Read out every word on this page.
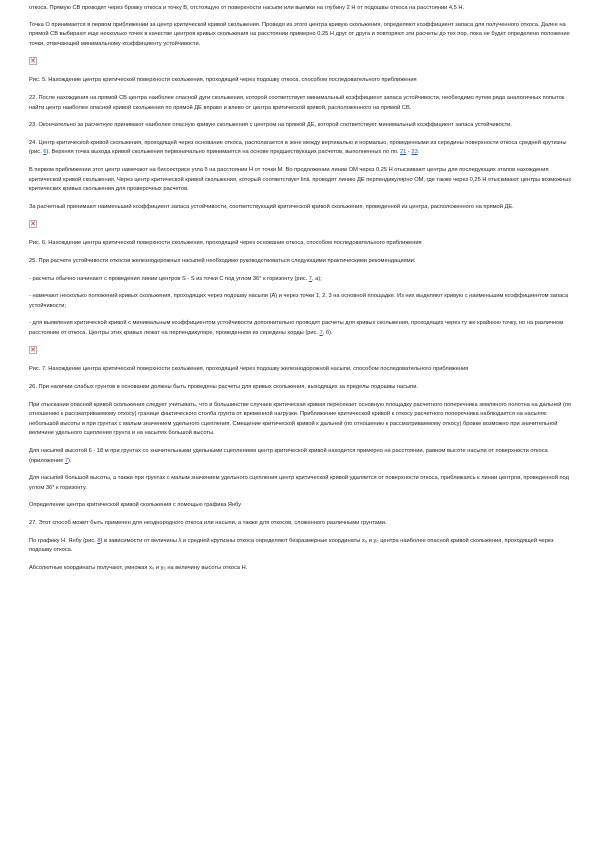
откоса. Прямую СВ проводят через бровку откоса и точку В, отстоящую от поверхности насыпи или выемки на глубину 2 Н от подошвы откоса на расстоянии 4,5 Н.

Точка О принимается в первом приближении за центр критической кривой скольжения. Проведя из этого центра кривую скольжения, определяют коэффициент запаса для полученного откоса. Далее на прямой СВ выбирают еще несколько точек в качестве центров кривых скольжения на расстоянии примерно 0,25 Н друг от друга и повторяют эти расчеты до тех пор, пока не будет определено положение точки, отвечающей минимальному коэффициенту устойчивости.

✕

Рис. 5. Нахождение центра критической поверхности скольжения, проходящей через подошву откоса, способом последовательного приближения

22. После нахождения на прямой СВ центра наиболее опасной дуги скольжения, которой соответствует минимальный коэффициент запаса устойчивости, необходимо путем ряда аналогичных попыток найти центр наиболее опасной кривой скольжения по прямой ДЕ вправо и влево от центра критической кривой, расположенного на прямой СВ.

23. Окончательно за расчетную принимают наиболее опасную кривую скольжения с центром на прямой ДЕ, которой соответствует минимальный коэффициент запаса устойчивости.

24. Центр критической кривой скольжения, проходящей через основание откоса, располагается в зоне между вертикалью и нормалью, проведенными из середины поверхности откоса средней крутизны (рис. 6). Верхняя точка выхода кривой скольжения первоначально принимается на основе предшествующих расчетов, выполненных по пп. 21 - 23.

В первом приближении этот центр намечают на биссектрисе угла δ на расстоянии Н от точки М. Во продолжении линии ОМ через 0,25 Н отыскивают центры для последующих этапов нахождения критической кривой скольжения. Через центр критической кривой скольжения, который соответствует linii, проводят линию ДЕ перпендикулярно ОМ, где также через 0,25 Н отыскивают центры возможных критических кривых скольжения для проверочных расчетов.

За расчетный принимают наименьший коэффициент запаса устойчивости, соответствующий критической кривой скольжения, проведенной из центра, расположенного на прямой ДЕ.

✕

Рис. 6. Нахождение центра критической поверхности скольжения, проходящей через основание откоса, способом последовательного приближения

25. При расчете устойчивости откосов железнодорожных насыпей необходимо руководствоваться следующими практическими рекомендациями:

- расчеты обычно начинают с проведения линии центров S - S из точки С под углом 36° к горизонту (рис. 7, а);

- намечают несколько положений кривых скольжения, проходящих через подошву насыпи (А) и через точки 1, 2, 3 на основной площадке. Из них выделяют кривую с наименьшим коэффициентом запаса устойчивости;

- для выявления критической кривой с минимальным коэффициентом устойчивости дополнительно проводят расчеты для кривых скольжения, проходящих через ту же крайнюю точку, но на различном расстоянии от откоса. Центры этих кривых лежат на перпендикуляре, проведенном из середины хорды (рис. 7, б).

✕

Рис. 7. Нахождение центра критической поверхности скольжения, проходящей через подошву железнодорожной насыпи, способом последовательного приближения

26. При наличии слабых грунтов в основании должны быть проведены расчеты для кривых скольжения, выходящих за пределы подошвы насыпи.

При отыскании опасной кривой скольжения следует учитывать, что в большинстве случаев критическая кривая пересекает основную площадку расчетного поперечника земляного полотна на дальней (по отношению к рассматриваемому откосу) границе фактического столба грунта от временной нагрузки. Приближение критической кривой к откосу расчетного поперечника наблюдается на насыпях небольшой высоты и при грунтах с малым значением удельного сцепления. Смещение критической кривой к дальней (по отношению к рассматриваемому откосу) бровке возможно при значительной величине удельного сцепления грунта и на насыпях большой высоты.

Для насыпей высотой 6 - 18 м при грунтах со значительными удельными сцеплением центр критической кривой находится примерно на расстоянии, равном высоте насыпи от поверхности откоса (приложение 7).

Для насыпей большой высоты, а также при грунтах с малым значением удельного сцепления центр критической кривой удаляется от поверхности откоса, приближаясь к линии центров, проведенной под углом 36° к горизонту.

Определение центра критической кривой скольжения с помощью графика Янбу

27. Этот способ может быть применен для неоднородного откоса или насыпи, а также для откосов, сложенного различными грунтами.

По графику Н. Янбу (рис. 8) в зависимости от величины λ и средней крутизны откоса определяют безразмерные координаты x₀ и y₀ центра наиболее опасной кривой скольжения, проходящей через подошву откоса.

Абсолютные координаты получают, умножая x₀ и y₀ на величину высоты откоса Н.
